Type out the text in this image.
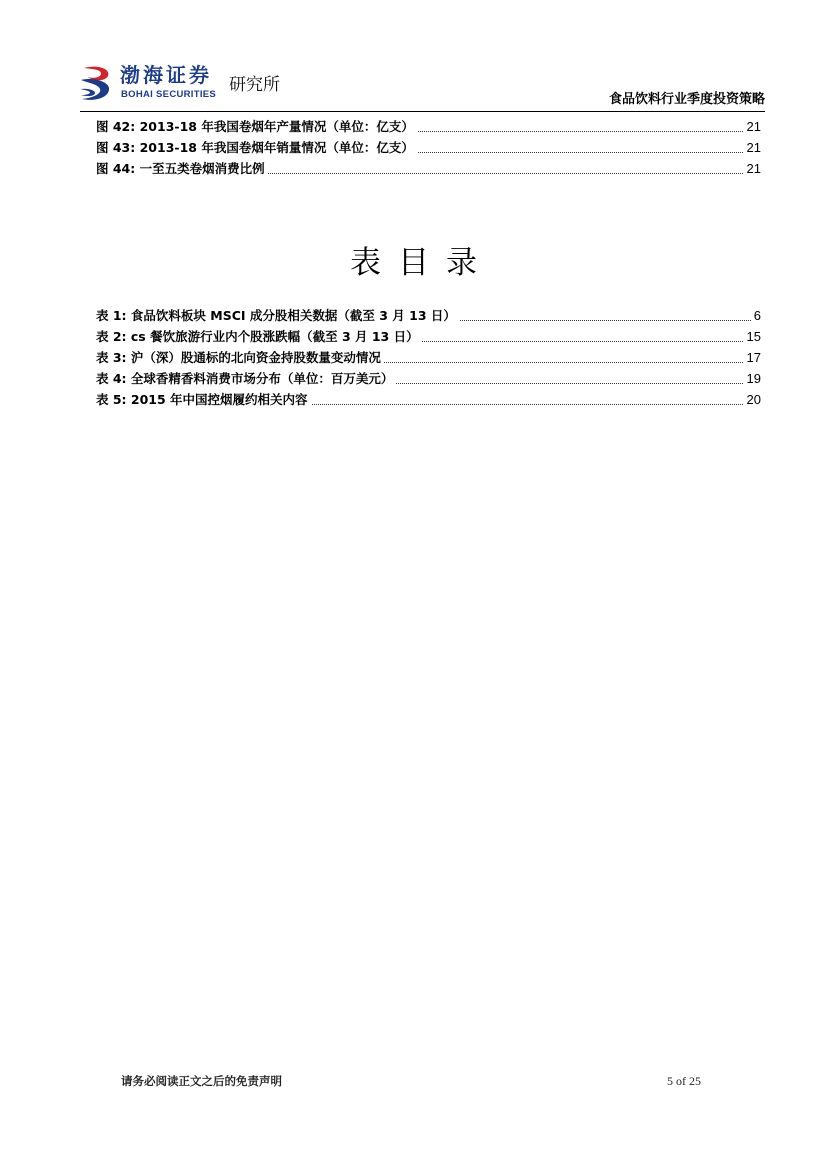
渤海证券
BOHAI SECURITIES 研究所
食品饮料行业季度投资策略
图 42: 2013-18 年我国卷烟年产量情况（单位：亿支）	21
图 43: 2013-18 年我国卷烟年销量情况（单位：亿支）	21
图 44: 一至五类卷烟消费比例	21
表目录
表 1: 食品饮料板块 MSCI 成分股相关数据（截至 3 月 13 日）	6
表 2: cs 餐饮旅游行业内个股涨跌幅（截至 3 月 13 日）	15
表 3: 沪（深）股通标的北向资金持股数量变动情况	17
表 4: 全球香精香料消费市场分布（单位：百万美元）	19
表 5: 2015 年中国控烟履约相关内容	20
请务必阅读正文之后的免责声明	5 of 25
